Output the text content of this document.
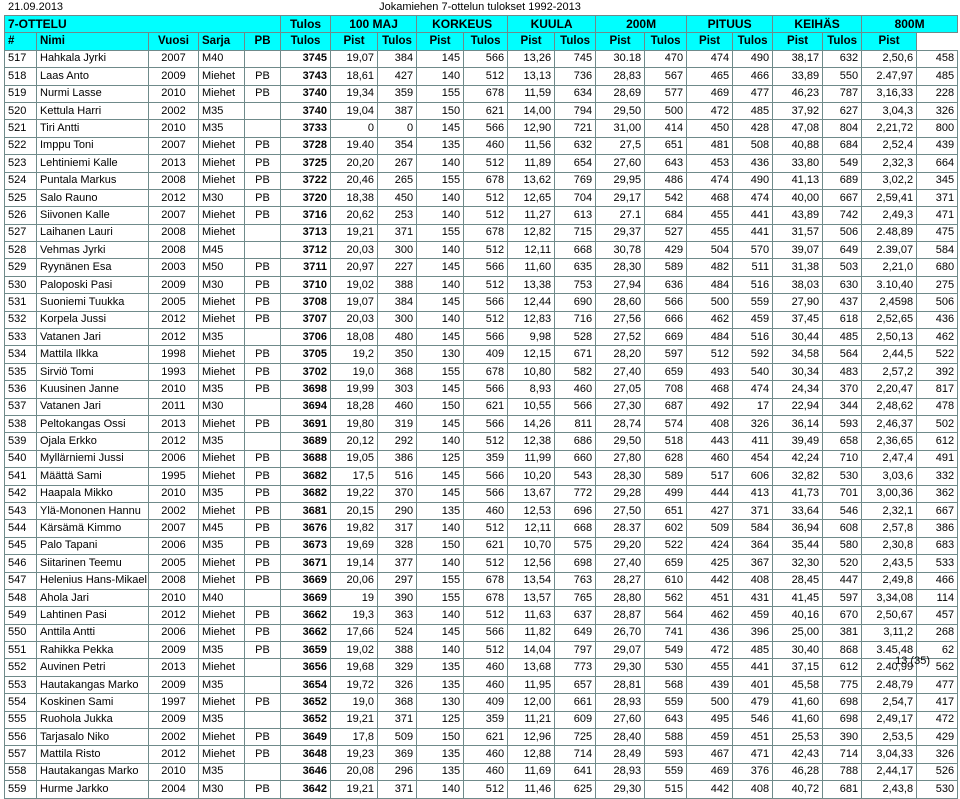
21.09.2013	Jokamiehen 7-ottelun tulokset 1992-2013
7-OTTELU					Tulos	100 MAJ		KORKEUS		KUULA		200M		PITUUS		KEIHÄS		800M	
#	Nimi	Vuosi	Sarja	PB	Tulos	Pist	Tulos	Pist	Tulos	Pist	Tulos	Pist	Tulos	Pist	Tulos	Pist	Tulos	Pist	
517	Hahkala Jyrki	2007	M40		3745	19,07	384	145	566	13,26	745	30.18	470	474	490	38,17	632	2,50,6	458
518	Laas Anto	2009	Miehet	PB	3743	18,61	427	140	512	13,13	736	28,83	567	465	466	33,89	550	2.47,97	485
519	Nurmi Lasse	2010	Miehet	PB	3740	19,34	359	155	678	11,59	634	28,69	577	469	477	46,23	787	3,16,33	228
520	Kettula Harri	2002	M35		3740	19,04	387	150	621	14,00	794	29,50	500	472	485	37,92	627	3,04,3	326
521	Tiri Antti	2010	M35		3733	0	0	145	566	12,90	721	31,00	414	450	428	47,08	804	2,21,72	800
522	Imppu Toni	2007	Miehet	PB	3728	19.40	354	135	460	11,56	632	27,5	651	481	508	40,88	684	2,52,4	439
523	Lehtiniemi Kalle	2013	Miehet	PB	3725	20,20	267	140	512	11,89	654	27,60	643	453	436	33,80	549	2,32,3	664
524	Puntala Markus	2008	Miehet	PB	3722	20,46	265	155	678	13,62	769	29,95	486	474	490	41,13	689	3,02,2	345
525	Salo Rauno	2012	M30	PB	3720	18,38	450	140	512	12,65	704	29,17	542	468	474	40,00	667	2,59,41	371
526	Siivonen Kalle	2007	Miehet	PB	3716	20,62	253	140	512	11,27	613	27.1	684	455	441	43,89	742	2,49,3	471
527	Laihanen Lauri	2008	Miehet		3713	19,21	371	155	678	12,82	715	29,37	527	455	441	31,57	506	2.48,89	475
528	Vehmas Jyrki	2008	M45		3712	20,03	300	140	512	12,11	668	30,78	429	504	570	39,07	649	2.39,07	584
529	Ryynänen Esa	2003	M50	PB	3711	20,97	227	145	566	11,60	635	28,30	589	482	511	31,38	503	2,21,0	680
530	Paloposki Pasi	2009	M30	PB	3710	19,02	388	140	512	13,38	753	27,94	636	484	516	38,03	630	3.10,40	275
531	Suoniemi Tuukka	2005	Miehet	PB	3708	19,07	384	145	566	12,44	690	28,60	566	500	559	27,90	437	2,4598	506
532	Korpela Jussi	2012	Miehet	PB	3707	20,03	300	140	512	12,83	716	27,56	666	462	459	37,45	618	2,52,65	436
533	Vatanen Jari	2012	M35		3706	18,08	480	145	566	9,98	528	27,52	669	484	516	30,44	485	2,50,13	462
534	Mattila Ilkka	1998	Miehet	PB	3705	19,2	350	130	409	12,15	671	28,20	597	512	592	34,58	564	2,44,5	522
535	Sirviö Tomi	1993	Miehet	PB	3702	19,0	368	155	678	10,80	582	27,40	659	493	540	30,34	483	2,57,2	392
536	Kuusinen Janne	2010	M35	PB	3698	19,99	303	145	566	8,93	460	27,05	708	468	474	24,34	370	2,20,47	817
537	Vatanen Jari	2011	M30		3694	18,28	460	150	621	10,55	566	27,30	687	492	17	22,94	344	2,48,62	478
538	Peltokangas Ossi	2013	Miehet	PB	3691	19,80	319	145	566	14,26	811	28,74	574	408	326	36,14	593	2,46,37	502
539	Ojala Erkko	2012	M35		3689	20,12	292	140	512	12,38	686	29,50	518	443	411	39,49	658	2,36,65	612
540	Myllärniemi Jussi	2006	Miehet	PB	3688	19,05	386	125	359	11,99	660	27,80	628	460	454	42,24	710	2,47,4	491
541	Määttä Sami	1995	Miehet	PB	3682	17,5	516	145	566	10,20	543	28,30	589	517	606	32,82	530	3,03,6	332
542	Haapala Mikko	2010	M35	PB	3682	19,22	370	145	566	13,67	772	29,28	499	444	413	41,73	701	3,00,36	362
543	Ylä-Mononen Hannu	2002	Miehet	PB	3681	20,15	290	135	460	12,53	696	27,50	651	427	371	33,64	546	2,32,1	667
544	Kärsämä Kimmo	2007	M45	PB	3676	19,82	317	140	512	12,11	668	28.37	602	509	584	36,94	608	2,57,8	386
545	Palo Tapani	2006	M35	PB	3673	19,69	328	150	621	10,70	575	29,20	522	424	364	35,44	580	2,30,8	683
546	Siitarinen Teemu	2005	Miehet	PB	3671	19,14	377	140	512	12,56	698	27,40	659	425	367	32,30	520	2,43,5	533
547	Helenius Hans-Mikael	2008	Miehet	PB	3669	20,06	297	155	678	13,54	763	28,27	610	442	408	28,45	447	2,49,8	466
548	Ahola Jari	2010	M40		3669	19	390	155	678	13,57	765	28,80	562	451	431	41,45	597	3,34,08	114
549	Lahtinen Pasi	2012	Miehet	PB	3662	19,3	363	140	512	11,63	637	28,87	564	462	459	40,16	670	2,50,67	457
550	Anttila Antti	2006	Miehet	PB	3662	17,66	524	145	566	11,82	649	26,70	741	436	396	25,00	381	3,11,2	268
551	Rahikka Pekka	2009	M35	PB	3659	19,02	388	140	512	14,04	797	29,07	549	472	485	30,40	868	3.45,48	62
552	Auvinen Petri	2013	Miehet		3656	19,68	329	135	460	13,68	773	29,30	530	455	441	37,15	612	2.40,99	562
553	Hautakangas Marko	2009	M35		3654	19,72	326	135	460	11,95	657	28,81	568	439	401	45,58	775	2.48,79	477
554	Koskinen Sami	1997	Miehet	PB	3652	19,0	368	130	409	12,00	661	28,93	559	500	479	41,60	698	2,54,7	417
555	Ruohola Jukka	2009	M35		3652	19,21	371	125	359	11,21	609	27,60	643	495	546	41,60	698	2,49,17	472
556	Tarjasalo Niko	2002	Miehet	PB	3649	17,8	509	150	621	12,96	725	28,40	588	459	451	25,53	390	2,53,5	429
557	Mattila Risto	2012	Miehet	PB	3648	19,23	369	135	460	12,88	714	28,49	593	467	471	42,43	714	3,04,33	326
558	Hautakangas Marko	2010	M35		3646	20,08	296	135	460	11,69	641	28,93	559	469	376	46,28	788	2,44,17	526
559	Hurme Jarkko	2004	M30	PB	3642	19,21	371	140	512	11,46	625	29,30	515	442	408	40,72	681	2,43,8	530
13 (35)
